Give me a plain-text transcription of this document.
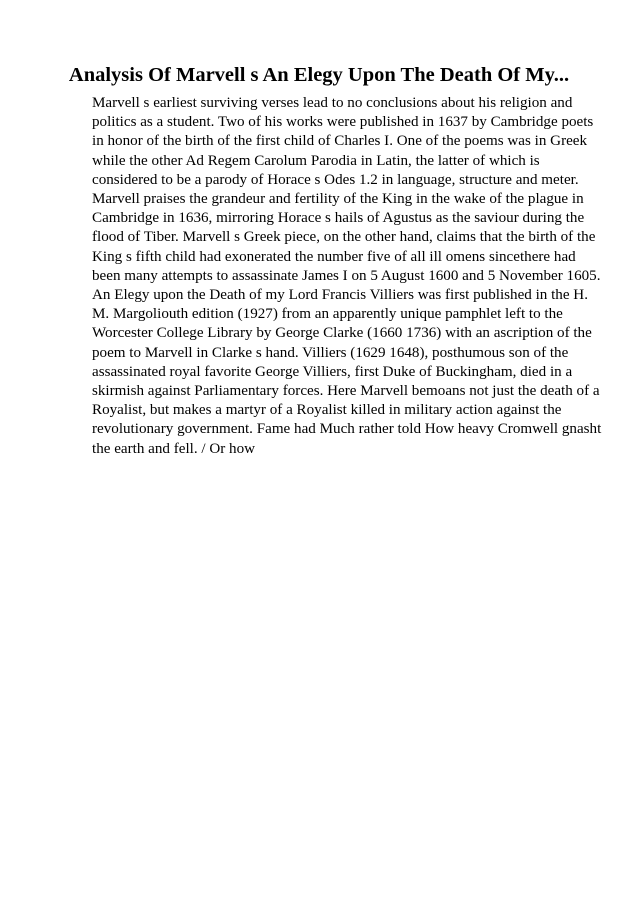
Analysis Of Marvell s An Elegy Upon The Death Of My...
Marvell s earliest surviving verses lead to no conclusions about his religion and
politics as a student. Two of his works were published in 1637 by Cambridge poets
in honor of the birth of the first child of Charles I. One of the poems was in Greek
while the other Ad Regem Carolum Parodia in Latin, the latter of which is
considered to be a parody of Horace s Odes 1.2 in language, structure and meter.
Marvell praises the grandeur and fertility of the King in the wake of the plague in
Cambridge in 1636, mirroring Horace s hails of Agustus as the saviour during the
flood of Tiber. Marvell s Greek piece, on the other hand, claims that the birth of the
King s fifth child had exonerated the number five of all ill omens sincethere had
been many attempts to assassinate James I on 5 August 1600 and 5 November 1605.
An Elegy upon the Death of my Lord Francis Villiers was first published in the H.
M. Margoliouth edition (1927) from an apparently unique pamphlet left to the
Worcester College Library by George Clarke (1660 1736) with an ascription of the
poem to Marvell in Clarke s hand. Villiers (1629 1648), posthumous son of the
assassinated royal favorite George Villiers, first Duke of Buckingham, died in a
skirmish against Parliamentary forces. Here Marvell bemoans not just the death of a
Royalist, but makes a martyr of a Royalist killed in military action against the
revolutionary government. Fame had Much rather told How heavy Cromwell gnasht
the earth and fell. / Or how
